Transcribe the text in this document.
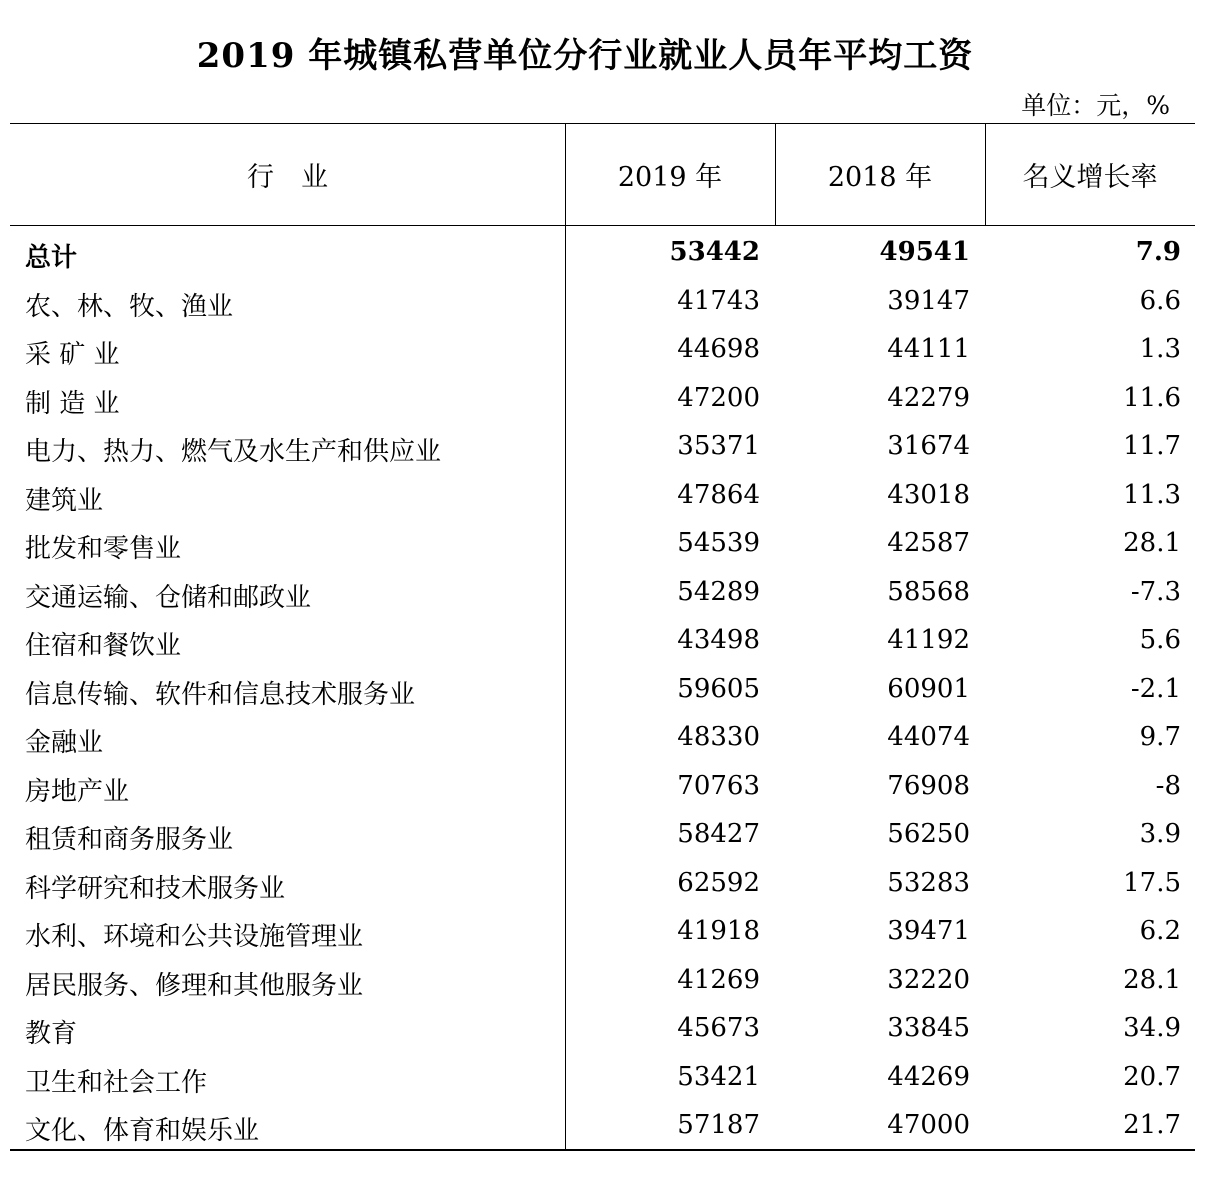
2019 年城镇私营单位分行业就业人员年平均工资
单位：元，%
行　业	2019 年	2018 年	名义增长率
总计	53442	49541	7.9
农、林、牧、渔业	41743	39147	6.6
采 矿 业	44698	44111	1.3
制 造 业	47200	42279	11.6
电力、热力、燃气及水生产和供应业	35371	31674	11.7
建筑业	47864	43018	11.3
批发和零售业	54539	42587	28.1
交通运输、仓储和邮政业	54289	58568	-7.3
住宿和餐饮业	43498	41192	5.6
信息传输、软件和信息技术服务业	59605	60901	-2.1
金融业	48330	44074	9.7
房地产业	70763	76908	-8
租赁和商务服务业	58427	56250	3.9
科学研究和技术服务业	62592	53283	17.5
水利、环境和公共设施管理业	41918	39471	6.2
居民服务、修理和其他服务业	41269	32220	28.1
教育	45673	33845	34.9
卫生和社会工作	53421	44269	20.7
文化、体育和娱乐业	57187	47000	21.7
